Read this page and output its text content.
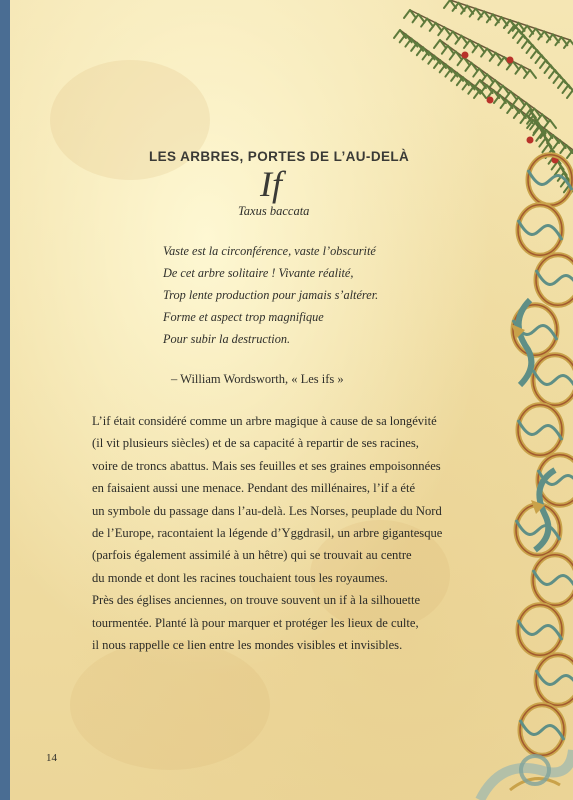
LES ARBRES, PORTES DE L’AU-DELÀ
If
Taxus baccata
Vaste est la circonférence, vaste l’obscurité
De cet arbre solitaire ! Vivante réalité,
Trop lente production pour jamais s’altérer.
Forme et aspect trop magnifique
Pour subir la destruction.
– William Wordsworth, « Les ifs »
L’if était considéré comme un arbre magique à cause de sa longévité
(il vit plusieurs siècles) et de sa capacité à repartir de ses racines,
voire de troncs abattus. Mais ses feuilles et ses graines empoisonnées
en faisaient aussi une menace. Pendant des millénaires, l’if a été
un symbole du passage dans l’au-delà. Les Norses, peuplade du Nord
de l’Europe, racontaient la légende d’Yggdrasil, un arbre gigantesque
(parfois également assimilé à un hêtre) qui se trouvait au centre
du monde et dont les racines touchaient tous les royaumes.
Près des églises anciennes, on trouve souvent un if à la silhouette
tourmentée. Planté là pour marquer et protéger les lieux de culte,
il nous rappelle ce lien entre les mondes visibles et invisibles.
14
